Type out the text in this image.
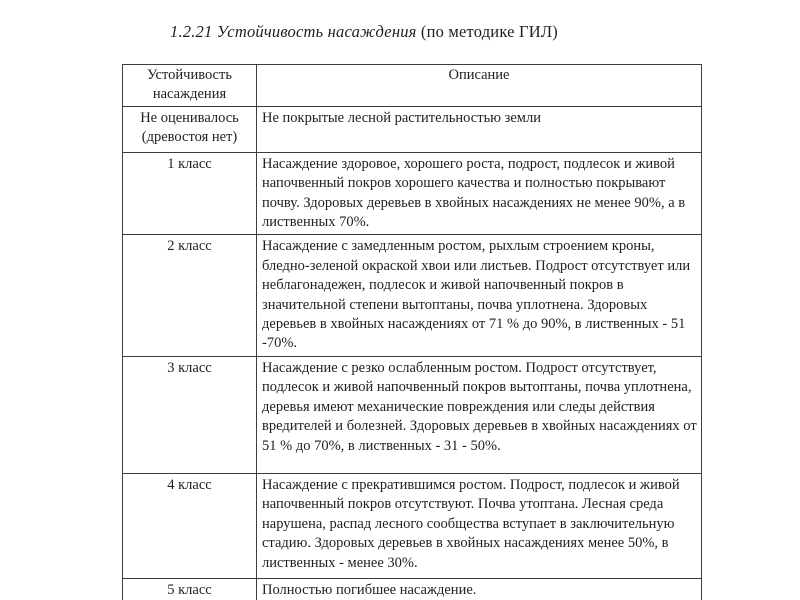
1.2.21 Устойчивость насаждения (по методике ГИЛ)
Устойчивость насаждения	Описание
Не оценивалось (древостоя нет)	Не покрытые лесной растительностью земли
1 класс	Насаждение здоровое, хорошего роста, подрост, подлесок и живой напочвенный покров хорошего качества и полностью покрывают почву. Здоровых деревьев в хвойных насаждениях не менее 90%, а в лиственных 70%.
2 класс	Насаждение с замедленным ростом, рыхлым строением кроны, бледно-зеленой окраской хвои или листьев. Подрост отсутствует или неблагонадежен, подлесок и живой напочвенный покров в значительной степени вытоптаны, почва уплотнена. Здоровых деревьев в хвойных насаждениях от 71 % до 90%, в лиственных - 51 -70%.
3 класс	Насаждение с резко ослабленным ростом. Подрост отсутствует, подлесок и живой напочвенный покров вытоптаны, почва уплотнена, деревья имеют механические повреждения или следы действия вредителей и болезней. Здоровых деревьев в хвойных насаждениях от 51 % до 70%, в лиственных - 31 - 50%.
4 класс	Насаждение с прекратившимся ростом. Подрост, подлесок и живой напочвенный покров отсутствуют. Почва утоптана. Лесная среда нарушена, распад лесного сообщества вступает в заключительную стадию. Здоровых деревьев в хвойных насаждениях менее 50%, в лиственных - менее 30%.
5 класс	Полностью погибшее насаждение.
